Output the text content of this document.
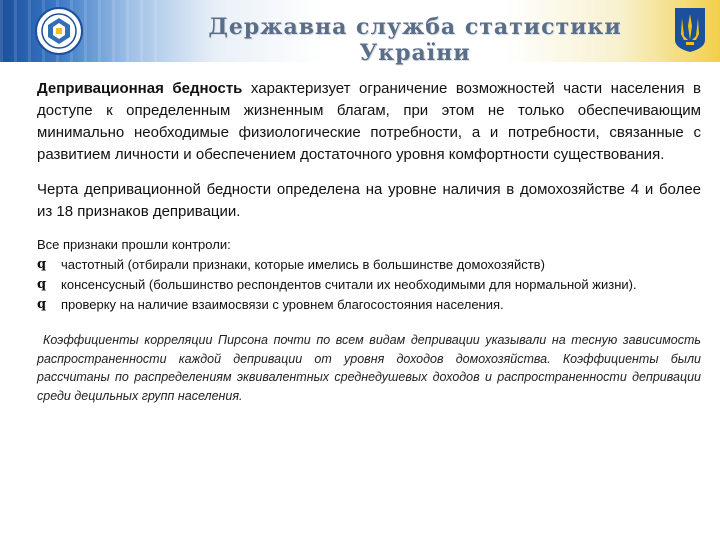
Державна служба статистики України

Депривационная бедность характеризует ограничение возможностей части населения в доступе к определенным жизненным благам, при этом не только обеспечивающим минимально необходимые физиологические потребности, а и потребности, связанные с развитием личности и обеспечением достаточного уровня комфортности существования.

Черта депривационной бедности определена на уровне наличия в домохозяйстве 4 и более из 18 признаков депривации.

Все признаки прошли контроли:
q частотный (отбирали признаки, которые имелись в большинстве домохозяйств)
q консенсусный (большинство респондентов считали их необходимыми для нормальной жизни).
q проверку на наличие взаимосвязи с уровнем благосостояния населения.

Коэффициенты корреляции Пирсона почти по всем видам депривации указывали на тесную зависимость распространенности каждой депривации от уровня доходов домохозяйства. Коэффициенты были рассчитаны по распределениям эквивалентных среднедушевых доходов и распространенности депривации среди децильных групп населения.
